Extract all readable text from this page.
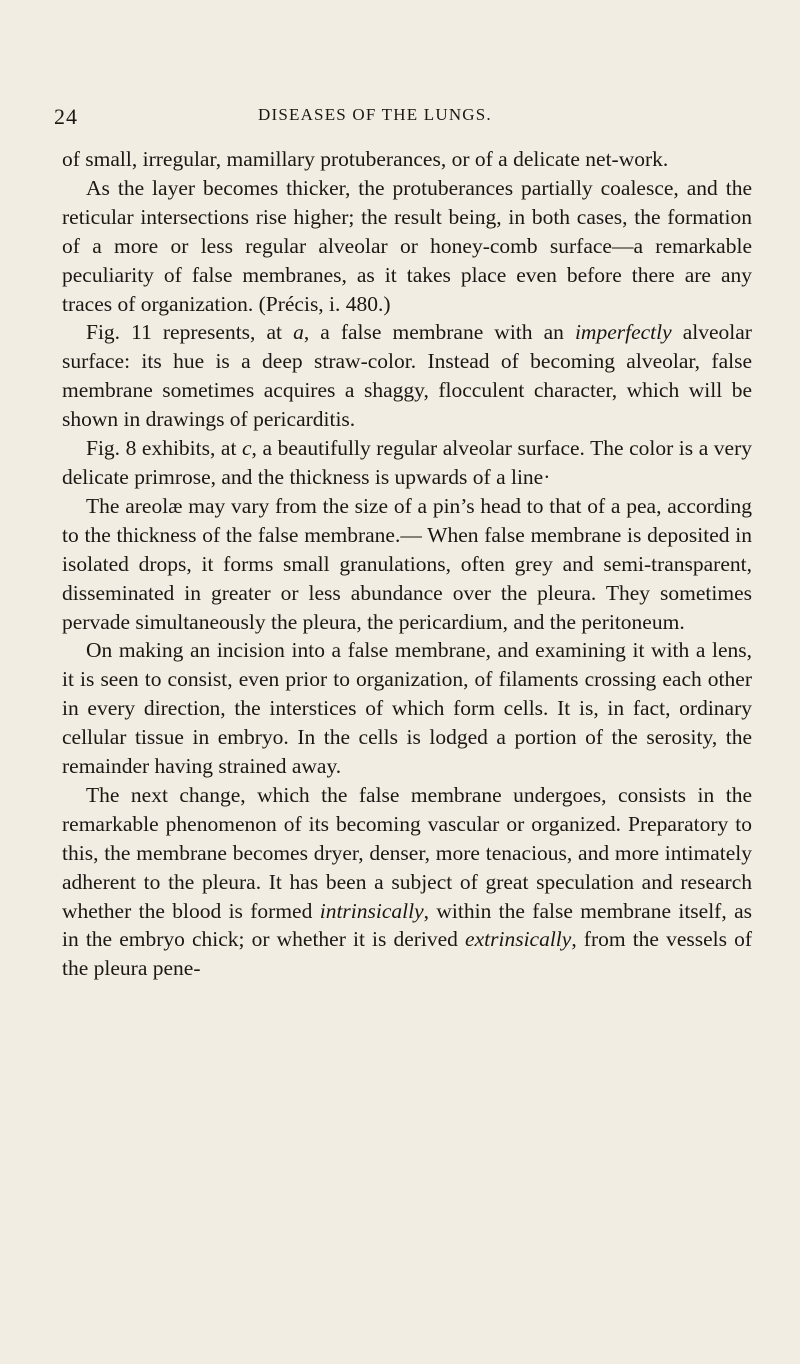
24	DISEASES OF THE LUNGS.

of small, irregular, mamillary protuberances, or of a delicate net-work.

As the layer becomes thicker, the protuberances partially coalesce, and the reticular intersections rise higher; the result being, in both cases, the formation of a more or less regular alveolar or honey-comb surface—a remarkable peculiarity of false membranes, as it takes place even before there are any traces of organization. (Précis, i. 480.)

Fig. 11 represents, at a, a false membrane with an imperfectly alveolar surface: its hue is a deep straw-color. Instead of becoming alveolar, false membrane sometimes acquires a shaggy, flocculent character, which will be shown in drawings of pericarditis.

Fig. 8 exhibits, at c, a beautifully regular alveolar surface. The color is a very delicate primrose, and the thickness is upwards of a line·

The areolæ may vary from the size of a pin’s head to that of a pea, according to the thickness of the false membrane.— When false membrane is deposited in isolated drops, it forms small granulations, often grey and semi-transparent, disseminated in greater or less abundance over the pleura. They sometimes pervade simultaneously the pleura, the pericardium, and the peritoneum.

On making an incision into a false membrane, and examining it with a lens, it is seen to consist, even prior to organization, of filaments crossing each other in every direction, the interstices of which form cells. It is, in fact, ordinary cellular tissue in embryo. In the cells is lodged a portion of the serosity, the remainder having strained away.

The next change, which the false membrane undergoes, consists in the remarkable phenomenon of its becoming vascular or organized. Preparatory to this, the membrane becomes dryer, denser, more tenacious, and more intimately adherent to the pleura. It has been a subject of great speculation and research whether the blood is formed intrinsically, within the false membrane itself, as in the embryo chick; or whether it is derived extrinsically, from the vessels of the pleura pene-
